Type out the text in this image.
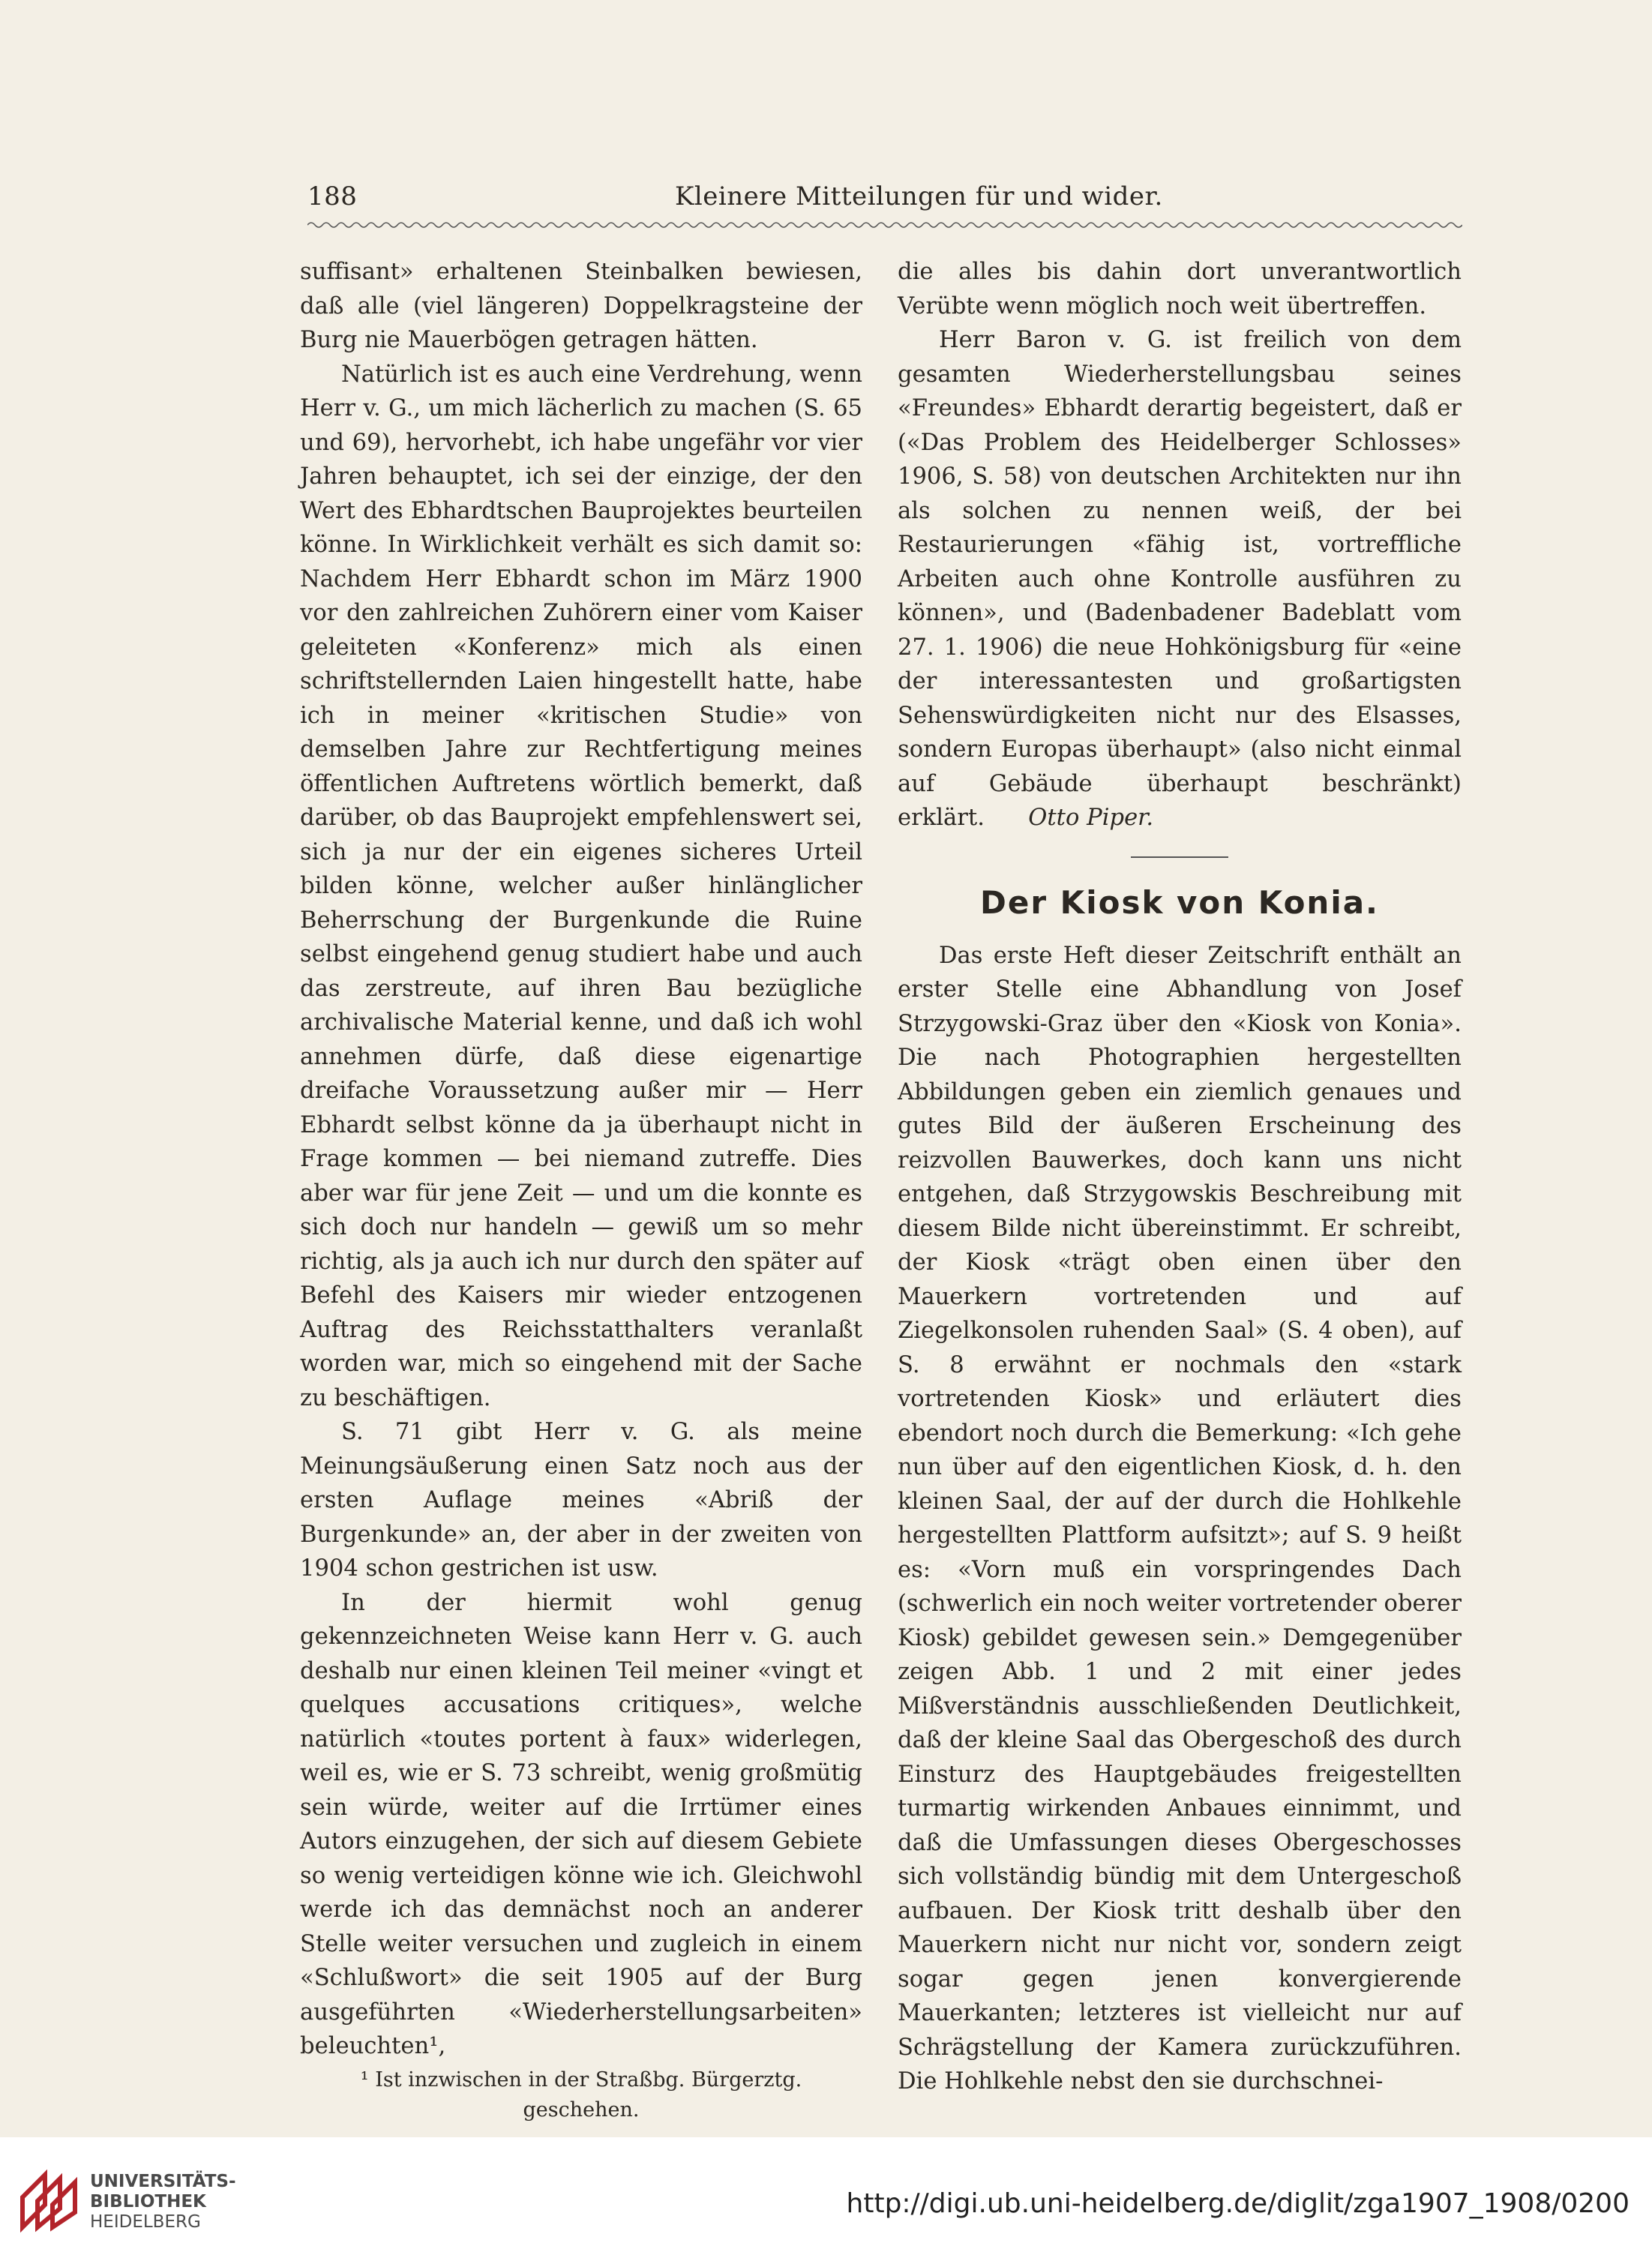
188	Kleinere Mitteilungen für und wider.

suffisant» erhaltenen Steinbalken bewiesen, daß alle (viel längeren) Doppelkragsteine der Burg nie Mauerbögen getragen hätten.

Natürlich ist es auch eine Verdrehung, wenn Herr v. G., um mich lächerlich zu machen (S. 65 und 69), hervorhebt, ich habe ungefähr vor vier Jahren behauptet, ich sei der einzige, der den Wert des Ebhardtschen Bauprojektes beurteilen könne. In Wirklichkeit verhält es sich damit so: Nachdem Herr Ebhardt schon im März 1900 vor den zahlreichen Zuhörern einer vom Kaiser geleiteten «Konferenz» mich als einen schriftstellernden Laien hingestellt hatte, habe ich in meiner «kritischen Studie» von demselben Jahre zur Rechtfertigung meines öffentlichen Auftretens wörtlich bemerkt, daß darüber, ob das Bauprojekt empfehlenswert sei, sich ja nur der ein eigenes sicheres Urteil bilden könne, welcher außer hinlänglicher Beherrschung der Burgenkunde die Ruine selbst eingehend genug studiert habe und auch das zerstreute, auf ihren Bau bezügliche archivalische Material kenne, und daß ich wohl annehmen dürfe, daß diese eigenartige dreifache Voraussetzung außer mir — Herr Ebhardt selbst könne da ja überhaupt nicht in Frage kommen — bei niemand zutreffe. Dies aber war für jene Zeit — und um die konnte es sich doch nur handeln — gewiß um so mehr richtig, als ja auch ich nur durch den später auf Befehl des Kaisers mir wieder entzogenen Auftrag des Reichsstatthalters veranlaßt worden war, mich so eingehend mit der Sache zu beschäftigen.

S. 71 gibt Herr v. G. als meine Meinungsäußerung einen Satz noch aus der ersten Auflage meines «Abriß der Burgenkunde» an, der aber in der zweiten von 1904 schon gestrichen ist usw.

In der hiermit wohl genug gekennzeichneten Weise kann Herr v. G. auch deshalb nur einen kleinen Teil meiner «vingt et quelques accusations critiques», welche natürlich «toutes portent à faux» widerlegen, weil es, wie er S. 73 schreibt, wenig großmütig sein würde, weiter auf die Irrtümer eines Autors einzugehen, der sich auf diesem Gebiete so wenig verteidigen könne wie ich. Gleichwohl werde ich das demnächst noch an anderer Stelle weiter versuchen und zugleich in einem «Schlußwort» die seit 1905 auf der Burg ausgeführten «Wiederherstellungsarbeiten» beleuchten¹,

¹ Ist inzwischen in der Straßbg. Bürgerztg. geschehen.

die alles bis dahin dort unverantwortlich Verübte wenn möglich noch weit übertreffen.

Herr Baron v. G. ist freilich von dem gesamten Wiederherstellungsbau seines «Freundes» Ebhardt derartig begeistert, daß er («Das Problem des Heidelberger Schlosses» 1906, S. 58) von deutschen Architekten nur ihn als solchen zu nennen weiß, der bei Restaurierungen «fähig ist, vortreffliche Arbeiten auch ohne Kontrolle ausführen zu können», und (Badenbadener Badeblatt vom 27. 1. 1906) die neue Hohkönigsburg für «eine der interessantesten und großartigsten Sehenswürdigkeiten nicht nur des Elsasses, sondern Europas überhaupt» (also nicht einmal auf Gebäude überhaupt beschränkt) erklärt. Otto Piper.

Der Kiosk von Konia.

Das erste Heft dieser Zeitschrift enthält an erster Stelle eine Abhandlung von Josef Strzygowski-Graz über den «Kiosk von Konia». Die nach Photographien hergestellten Abbildungen geben ein ziemlich genaues und gutes Bild der äußeren Erscheinung des reizvollen Bauwerkes, doch kann uns nicht entgehen, daß Strzygowskis Beschreibung mit diesem Bilde nicht übereinstimmt. Er schreibt, der Kiosk «trägt oben einen über den Mauerkern vortretenden und auf Ziegelkonsolen ruhenden Saal» (S. 4 oben), auf S. 8 erwähnt er nochmals den «stark vortretenden Kiosk» und erläutert dies ebendort noch durch die Bemerkung: «Ich gehe nun über auf den eigentlichen Kiosk, d. h. den kleinen Saal, der auf der durch die Hohlkehle hergestellten Plattform aufsitzt»; auf S. 9 heißt es: «Vorn muß ein vorspringendes Dach (schwerlich ein noch weiter vortretender oberer Kiosk) gebildet gewesen sein.» Demgegenüber zeigen Abb. 1 und 2 mit einer jedes Mißverständnis ausschließenden Deutlichkeit, daß der kleine Saal das Obergeschoß des durch Einsturz des Hauptgebäudes freigestellten turmartig wirkenden Anbaues einnimmt, und daß die Umfassungen dieses Obergeschosses sich vollständig bündig mit dem Untergeschoß aufbauen. Der Kiosk tritt deshalb über den Mauerkern nicht nur nicht vor, sondern zeigt sogar gegen jenen konvergierende Mauerkanten; letzteres ist vielleicht nur auf Schrägstellung der Kamera zurückzuführen. Die Hohlkehle nebst den sie durchschnei-

UNIVERSITÄTS-
BIBLIOTHEK
HEIDELBERG
http://digi.ub.uni-heidelberg.de/diglit/zga1907_1908/0200
